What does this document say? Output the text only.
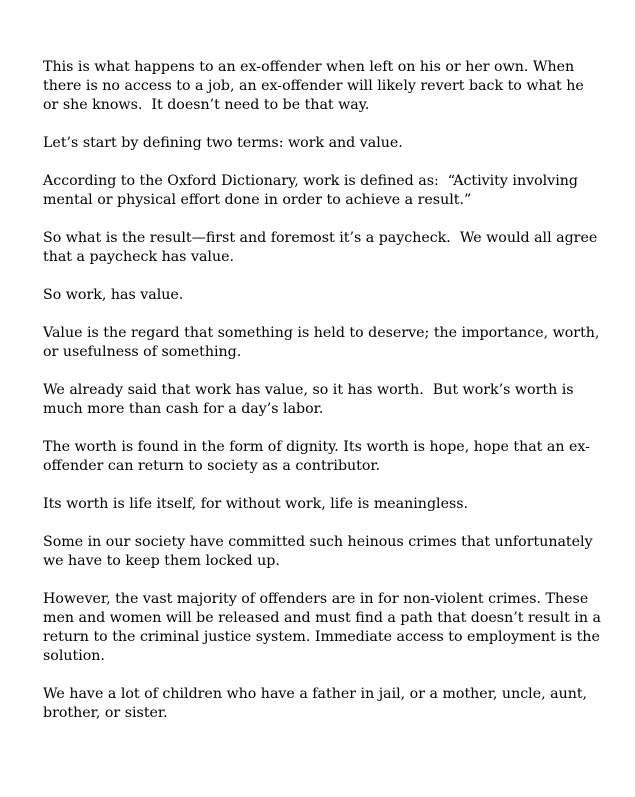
This is what happens to an ex-offender when left on his or her own. When there is no access to a job, an ex-offender will likely revert back to what he or she knows.  It doesn’t need to be that way.

Let’s start by defining two terms: work and value.

According to the Oxford Dictionary, work is defined as:  “Activity involving mental or physical effort done in order to achieve a result.”

So what is the result—first and foremost it’s a paycheck.  We would all agree that a paycheck has value.

So work, has value.

Value is the regard that something is held to deserve; the importance, worth, or usefulness of something.

We already said that work has value, so it has worth.  But work’s worth is much more than cash for a day’s labor.

The worth is found in the form of dignity. Its worth is hope, hope that an ex-offender can return to society as a contributor.

Its worth is life itself, for without work, life is meaningless.

Some in our society have committed such heinous crimes that unfortunately we have to keep them locked up.

However, the vast majority of offenders are in for non-violent crimes. These men and women will be released and must find a path that doesn’t result in a return to the criminal justice system. Immediate access to employment is the solution.

We have a lot of children who have a father in jail, or a mother, uncle, aunt, brother, or sister.
